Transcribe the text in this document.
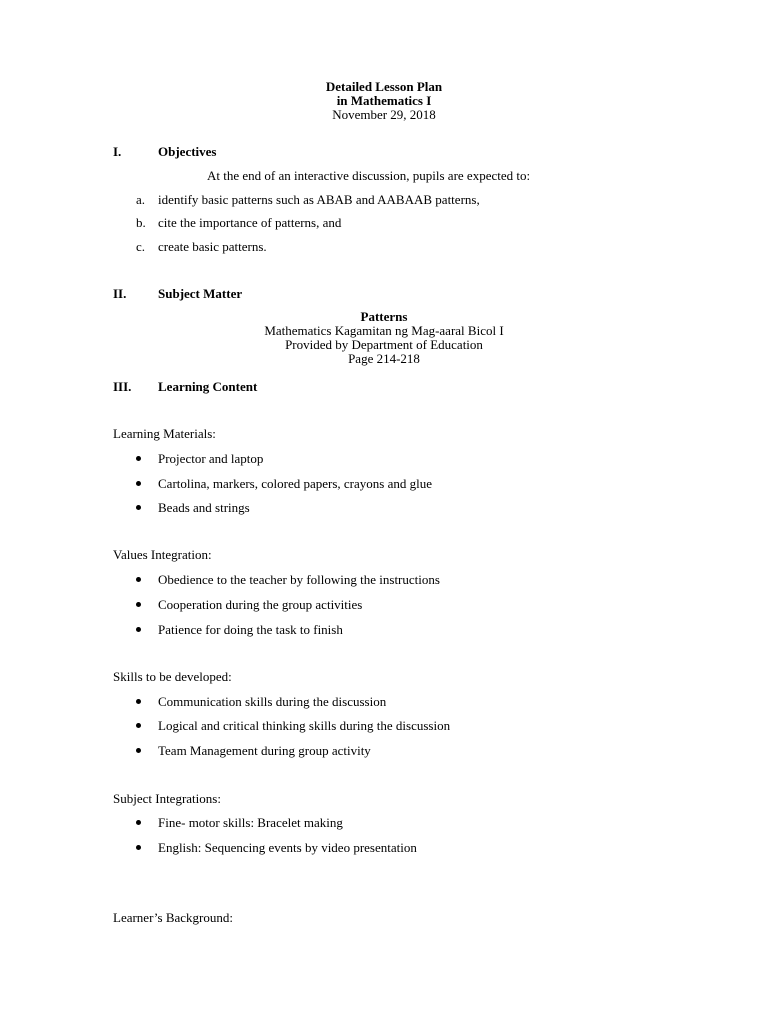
Detailed Lesson Plan
in Mathematics I
November 29, 2018
I.	Objectives
At the end of an interactive discussion, pupils are expected to:
a. identify basic patterns such as ABAB and AABAAB patterns,
b. cite the importance of patterns, and
c. create basic patterns.
II. Subject Matter
Patterns
Mathematics Kagamitan ng Mag-aaral Bicol I
Provided by Department of Education
Page 214-218
III. Learning Content
Learning Materials:
Projector and laptop
Cartolina, markers, colored papers, crayons and glue
Beads and strings
Values Integration:
Obedience to the teacher by following the instructions
Cooperation during the group activities
Patience for doing the task to finish
Skills to be developed:
Communication skills during the discussion
Logical and critical thinking skills during the discussion
Team Management during group activity
Subject Integrations:
Fine- motor skills: Bracelet making
English: Sequencing events by video presentation
Learner’s Background:
